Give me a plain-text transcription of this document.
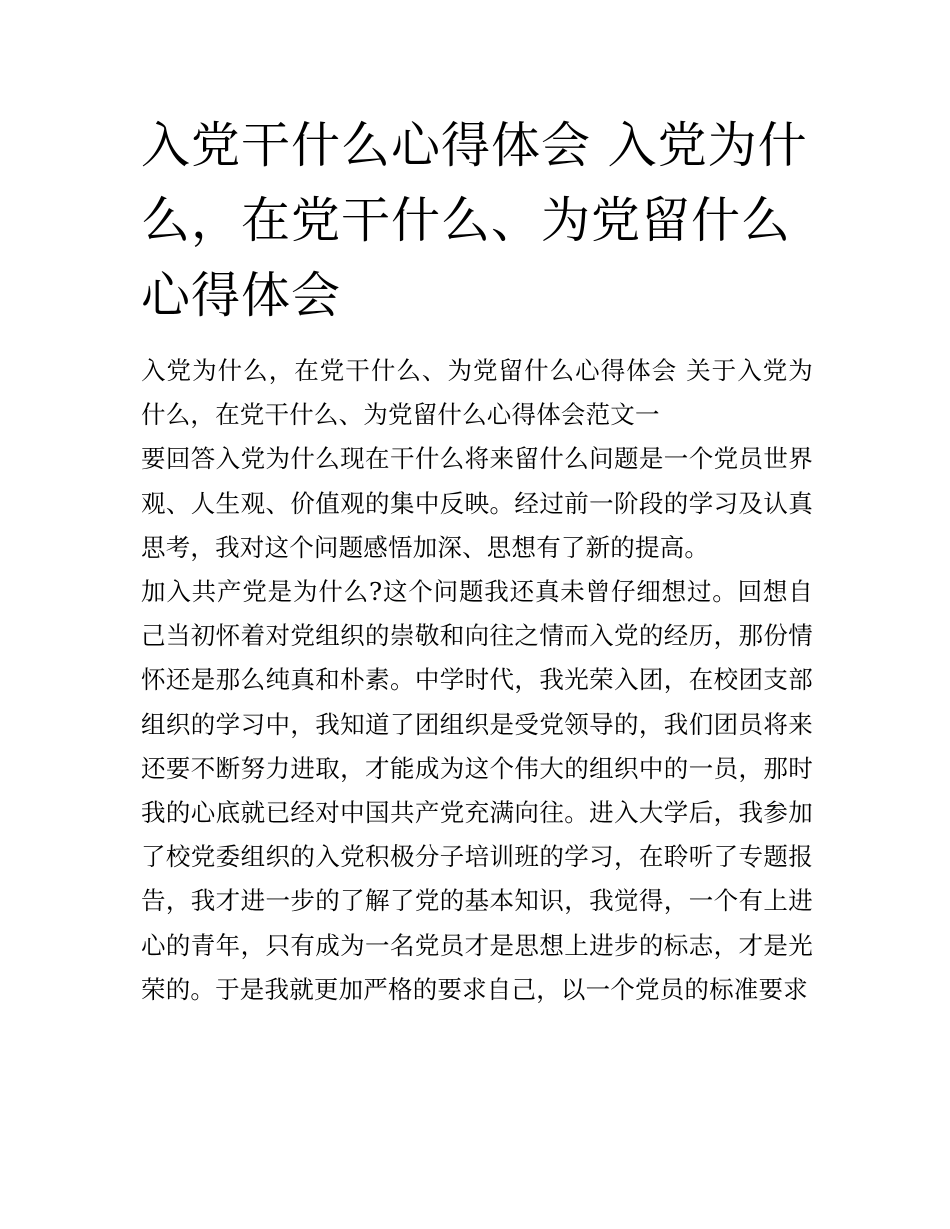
入党干什么心得体会 入党为什么，在党干什么、为党留什么心得体会

入党为什么，在党干什么、为党留什么心得体会 关于入党为什么，在党干什么、为党留什么心得体会范文一

要回答入党为什么现在干什么将来留什么问题是一个党员世界观、人生观、价值观的集中反映。经过前一阶段的学习及认真思考，我对这个问题感悟加深、思想有了新的提高。

加入共产党是为什么?这个问题我还真未曾仔细想过。回想自己当初怀着对党组织的崇敬和向往之情而入党的经历，那份情怀还是那么纯真和朴素。中学时代，我光荣入团，在校团支部组织的学习中，我知道了团组织是受党领导的，我们团员将来还要不断努力进取，才能成为这个伟大的组织中的一员，那时我的心底就已经对中国共产党充满向往。进入大学后，我参加了校党委组织的入党积极分子培训班的学习，在聆听了专题报告，我才进一步的了解了党的基本知识，我觉得，一个有上进心的青年，只有成为一名党员才是思想上进步的标志，才是光荣的。于是我就更加严格的要求自己，以一个党员的标准要求
